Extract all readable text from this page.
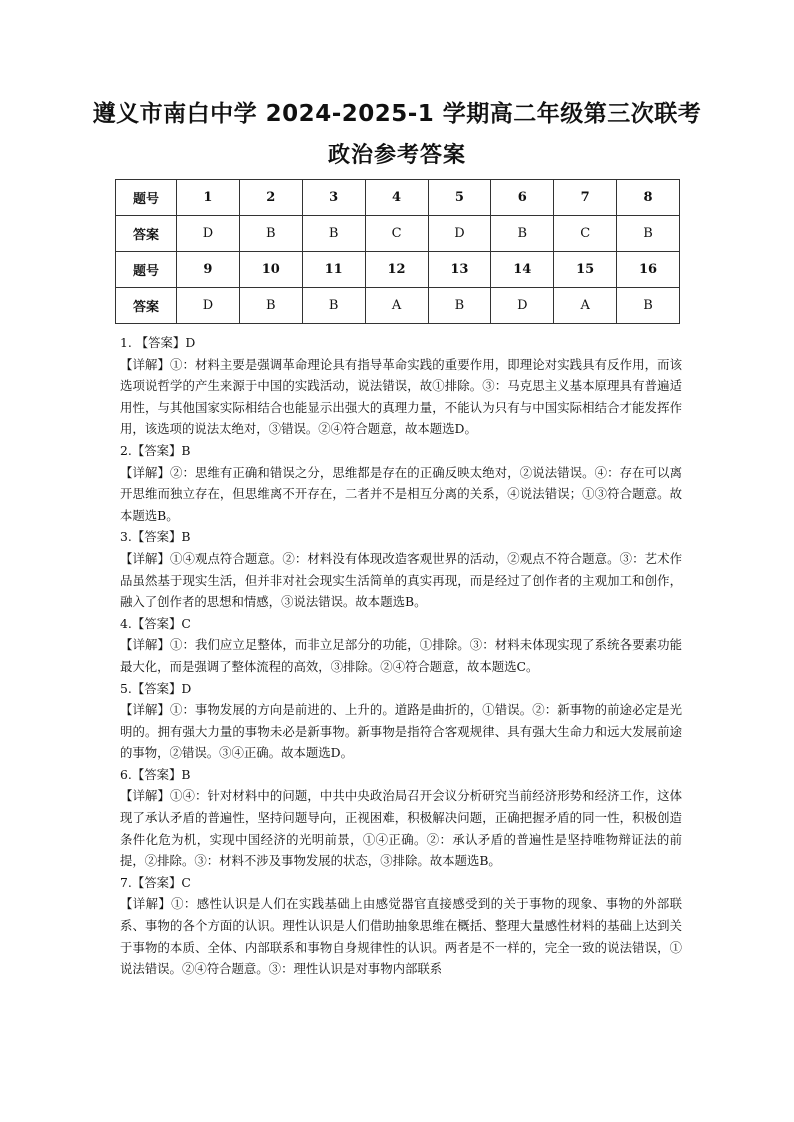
遵义市南白中学 2024-2025-1 学期高二年级第三次联考
政治参考答案
题号	1	2	3	4	5	6	7	8
答案	D	B	B	C	D	B	C	B
题号	9	10	11	12	13	14	15	16
答案	D	B	B	A	B	D	A	B

1. 【答案】D

【详解】①：材料主要是强调革命理论具有指导革命实践的重要作用，即理论对实践具有反作用，而该选项说哲学的产生来源于中国的实践活动，说法错误，故①排除。③：马克思主义基本原理具有普遍适用性，与其他国家实际相结合也能显示出强大的真理力量，不能认为只有与中国实际相结合才能发挥作用，该选项的说法太绝对，③错误。②④符合题意，故本题选D。

2.【答案】B

【详解】②：思维有正确和错误之分，思维都是存在的正确反映太绝对，②说法错误。④：存在可以离开思维而独立存在，但思维离不开存在，二者并不是相互分离的关系，④说法错误；①③符合题意。故本题选B。

3.【答案】B

【详解】①④观点符合题意。②：材料没有体现改造客观世界的活动，②观点不符合题意。③：艺术作品虽然基于现实生活，但并非对社会现实生活简单的真实再现，而是经过了创作者的主观加工和创作，融入了创作者的思想和情感，③说法错误。故本题选B。

4.【答案】C

【详解】①：我们应立足整体，而非立足部分的功能，①排除。③：材料未体现实现了系统各要素功能最大化，而是强调了整体流程的高效，③排除。②④符合题意，故本题选C。

5.【答案】D

【详解】①：事物发展的方向是前进的、上升的。道路是曲折的，①错误。②：新事物的前途必定是光明的。拥有强大力量的事物未必是新事物。新事物是指符合客观规律、具有强大生命力和远大发展前途的事物，②错误。③④正确。故本题选D。

6.【答案】B

【详解】①④：针对材料中的问题，中共中央政治局召开会议分析研究当前经济形势和经济工作，这体现了承认矛盾的普遍性，坚持问题导向，正视困难，积极解决问题，正确把握矛盾的同一性，积极创造条件化危为机，实现中国经济的光明前景，①④正确。②：承认矛盾的普遍性是坚持唯物辩证法的前提，②排除。③：材料不涉及事物发展的状态，③排除。故本题选B。

7.【答案】C

【详解】①：感性认识是人们在实践基础上由感觉器官直接感受到的关于事物的现象、事物的外部联系、事物的各个方面的认识。理性认识是人们借助抽象思维在概括、整理大量感性材料的基础上达到关于事物的本质、全体、内部联系和事物自身规律性的认识。两者是不一样的，完全一致的说法错误，①说法错误。②④符合题意。③：理性认识是对事物内部联系
